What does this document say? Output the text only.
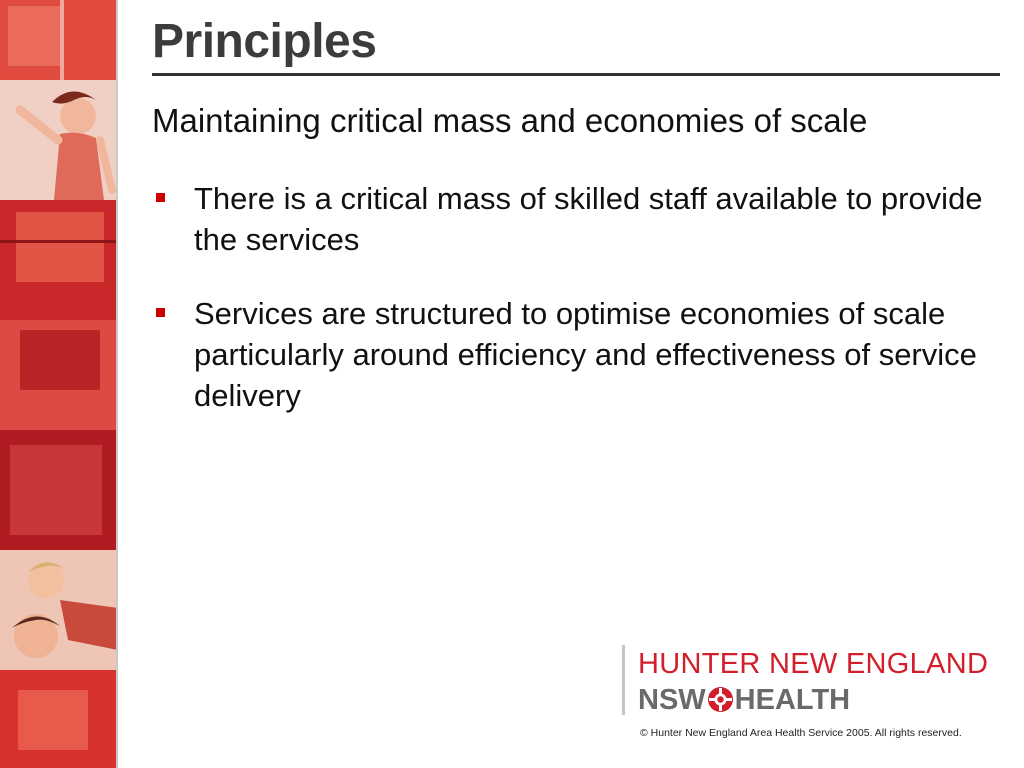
Principles
Maintaining critical mass and economies of scale
There is a critical mass of skilled staff available to provide the services
Services are structured to optimise economies of scale particularly around efficiency and effectiveness of service delivery
HUNTER NEW ENGLAND
NSW HEALTH
© Hunter New England Area Health Service 2005. All rights reserved.
